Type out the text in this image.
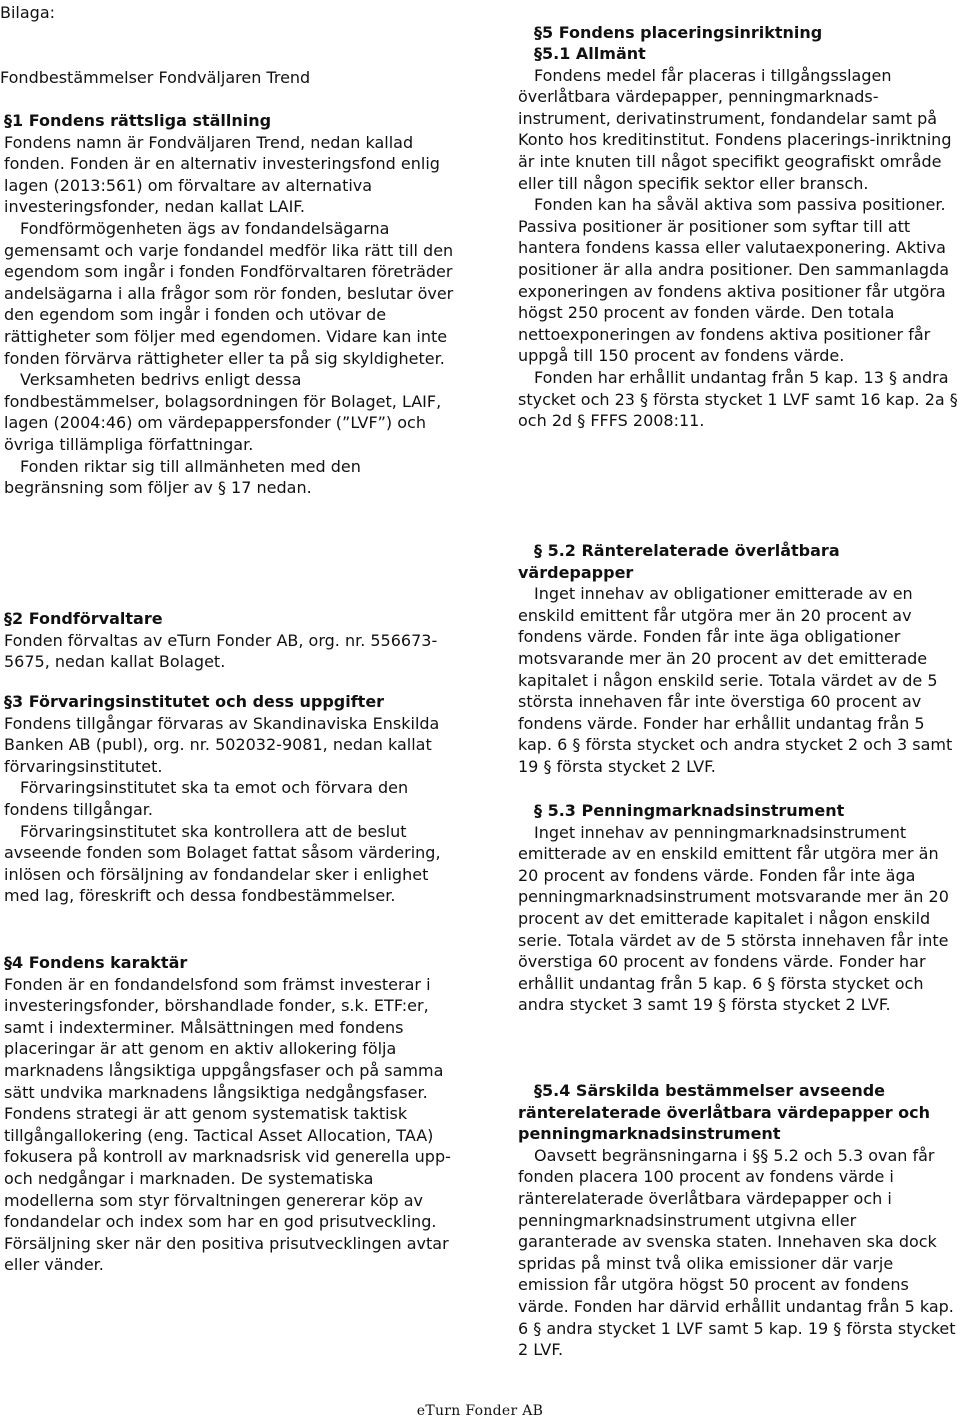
Bilaga:

Fondbestämmelser Fondväljaren Trend

§1 Fondens rättsliga ställning

Fondens namn är Fondväljaren Trend, nedan kallad fonden. Fonden är en alternativ investeringsfond enlig lagen (2013:561) om förvaltare av alternativa investeringsfonder, nedan kallat LAIF.

Fondförmögenheten ägs av fondandelsägarna gemensamt och varje fondandel medför lika rätt till den egendom som ingår i fonden Fondförvaltaren företräder andelsägarna i alla frågor som rör fonden, beslutar över den egendom som ingår i fonden och utövar de rättigheter som följer med egendomen. Vidare kan inte fonden förvärva rättigheter eller ta på sig skyldigheter.

Verksamheten bedrivs enligt dessa fondbestämmelser, bolagsordningen för Bolaget, LAIF, lagen (2004:46) om värdepappersfonder (”LVF”) och övriga tillämpliga författningar.

Fonden riktar sig till allmänheten med den begränsning som följer av § 17 nedan.

§2 Fondförvaltare

Fonden förvaltas av eTurn Fonder AB, org. nr. 556673-5675, nedan kallat Bolaget.

§3 Förvaringsinstitutet och dess uppgifter

Fondens tillgångar förvaras av Skandinaviska Enskilda Banken AB (publ), org. nr. 502032-9081, nedan kallat förvaringsinstitutet.

Förvaringsinstitutet ska ta emot och förvara den fondens tillgångar.

Förvaringsinstitutet ska kontrollera att de beslut avseende fonden som Bolaget fattat såsom värdering, inlösen och försäljning av fondandelar sker i enlighet med lag, föreskrift och dessa fondbestämmelser.

§4 Fondens karaktär

Fonden är en fondandelsfond som främst investerar i investeringsfonder, börshandlade fonder, s.k. ETF:er, samt i indexterminer. Målsättningen med fondens placeringar är att genom en aktiv allokering följa marknadens långsiktiga uppgångsfaser och på samma sätt undvika marknadens långsiktiga nedgångsfaser. Fondens strategi är att genom systematisk taktisk tillgångallokering (eng. Tactical Asset Allocation, TAA) fokusera på kontroll av marknadsrisk vid generella upp- och nedgångar i marknaden. De systematiska modellerna som styr förvaltningen genererar köp av fondandelar och index som har en god prisutveckling. Försäljning sker när den positiva prisutvecklingen avtar eller vänder.

§5 Fondens placeringsinriktning

§5.1 Allmänt

Fondens medel får placeras i tillgångsslagen överlåtbara värdepapper, penningmarknads-instrument, derivatinstrument, fondandelar samt på Konto hos kreditinstitut. Fondens placerings-inriktning är inte knuten till något specifikt geografiskt område eller till någon specifik sektor eller bransch.

Fonden kan ha såväl aktiva som passiva positioner. Passiva positioner är positioner som syftar till att hantera fondens kassa eller valutaexponering. Aktiva positioner är alla andra positioner. Den sammanlagda exponeringen av fondens aktiva positioner får utgöra högst 250 procent av fonden värde. Den totala nettoexponeringen av fondens aktiva positioner får uppgå till 150 procent av fondens värde.

Fonden har erhållit undantag från 5 kap. 13 § andra stycket och 23 § första stycket 1 LVF samt 16 kap. 2a § och 2d § FFFS 2008:11.

§ 5.2 Ränterelaterade överlåtbara värdepapper

Inget innehav av obligationer emitterade av en enskild emittent får utgöra mer än 20 procent av fondens värde. Fonden får inte äga obligationer motsvarande mer än 20 procent av det emitterade kapitalet i någon enskild serie. Totala värdet av de 5 största innehaven får inte överstiga 60 procent av fondens värde. Fonder har erhållit undantag från 5 kap. 6 § första stycket och andra stycket 2 och 3 samt 19 § första stycket 2 LVF.

§ 5.3 Penningmarknadsinstrument

Inget innehav av penningmarknadsinstrument emitterade av en enskild emittent får utgöra mer än 20 procent av fondens värde. Fonden får inte äga penningmarknadsinstrument motsvarande mer än 20 procent av det emitterade kapitalet i någon enskild serie. Totala värdet av de 5 största innehaven får inte överstiga 60 procent av fondens värde. Fonder har erhållit undantag från 5 kap. 6 § första stycket och andra stycket 3 samt 19 § första stycket 2 LVF.

§5.4 Särskilda bestämmelser avseende ränterelaterade överlåtbara värdepapper och penningmarknadsinstrument

Oavsett begränsningarna i §§ 5.2 och 5.3 ovan får fonden placera 100 procent av fondens värde i ränterelaterade överlåtbara värdepapper och i penningmarknadsinstrument utgivna eller garanterade av svenska staten. Innehaven ska dock spridas på minst två olika emissioner där varje emission får utgöra högst 50 procent av fondens värde. Fonden har därvid erhållit undantag från 5 kap. 6 § andra stycket 1 LVF samt 5 kap. 19 § första stycket 2 LVF.

eTurn Fonder AB
